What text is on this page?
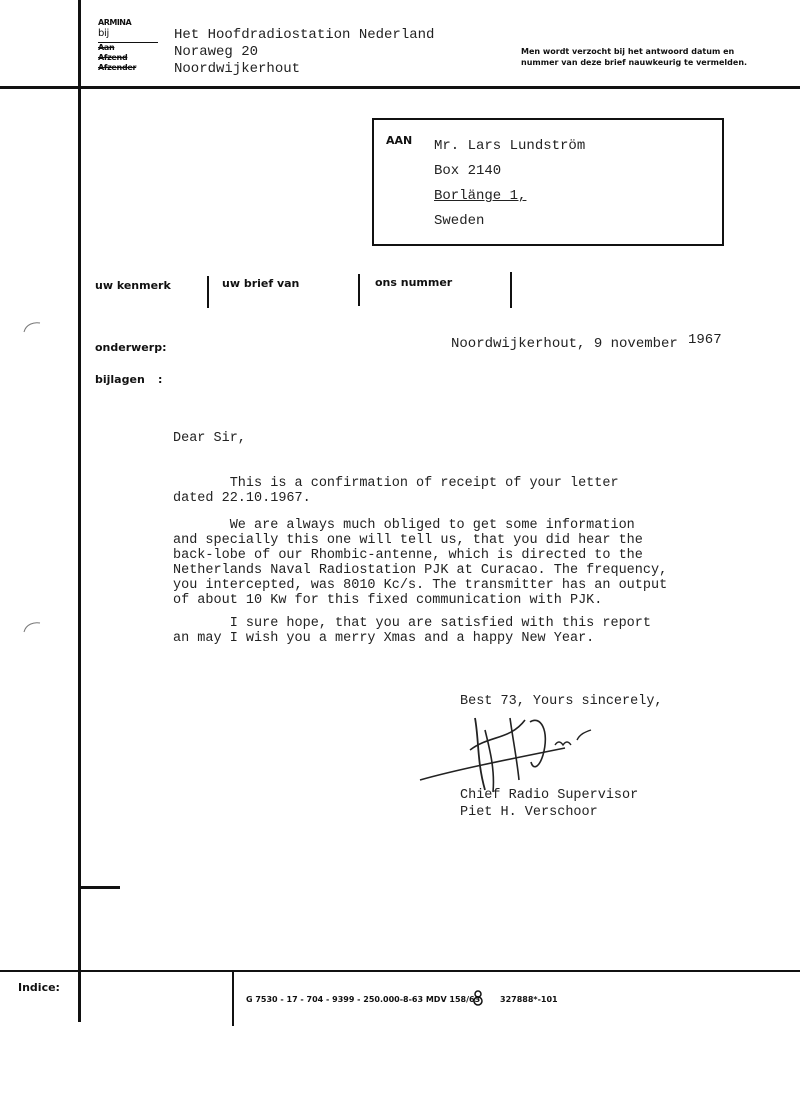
ARMINA
bij
Aan
Afzend
Afzender
Het Hoofdradiostation Nederland
Noraweg 20
Noordwijkerhout
Men wordt verzocht bij het antwoord datum en
nummer van deze brief nauwkeurig te vermelden.
AAN Mr. Lars Lundström
Box 2140
Borlänge 1,
Sweden
uw kenmerk	uw brief van	ons nummer
onderwerp:	Noordwijkerhout, 9 november 1967
bijlagen :
Dear Sir,
This is a confirmation of receipt of your letter
dated 22.10.1967.
We are always much obliged to get some information
and specially this one will tell us, that you did hear the
back-lobe of our Rhombic-antenne, which is directed to the
Netherlands Naval Radiostation PJK at Curacao. The frequency,
you intercepted, was 8010 Kc/s. The transmitter has an output
of about 10 Kw for this fixed communication with PJK.
I sure hope, that you are satisfied with this report
an may I wish you a merry Xmas and a happy New Year.
Best 73, Yours sincerely,
Chief Radio Supervisor
Piet H. Verschoor
Indice:
G 7530 - 17 - 704 - 9399 - 250.000-8-63 MDV 158/63 327888*-101
